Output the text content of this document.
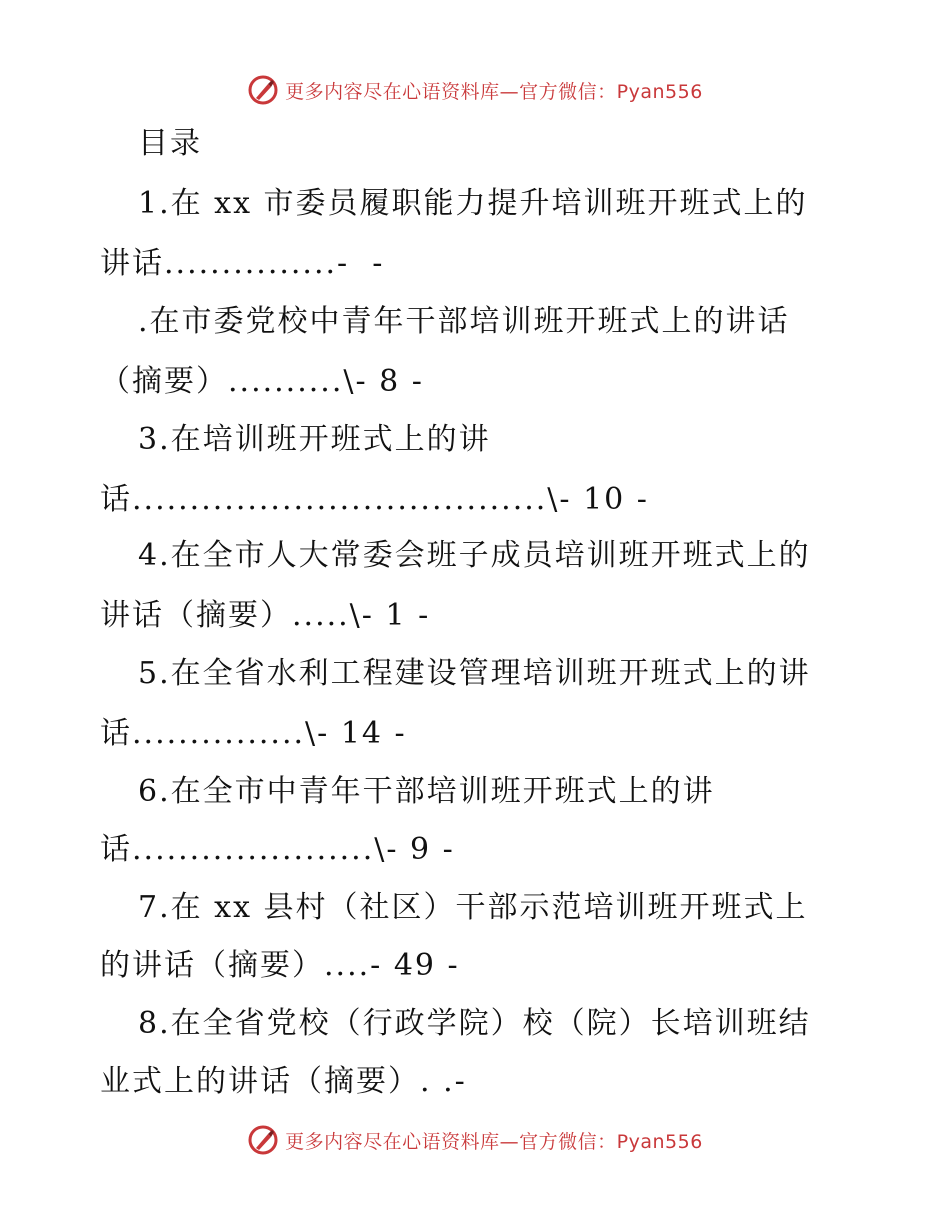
更多内容尽在心语资料库—官方微信：Pyan556
目录
1.在 xx 市委员履职能力提升培训班开班式上的
讲话...............-  -
.在市委党校中青年干部培训班开班式上的讲话
（摘要）..........\- 8 -
3.在培训班开班式上的讲
话....................................\- 10 -
4.在全市人大常委会班子成员培训班开班式上的
讲话（摘要）.....\- 1 -
5.在全省水利工程建设管理培训班开班式上的讲
话...............\- 14 -
6.在全市中青年干部培训班开班式上的讲
话.....................\- 9 -
7.在 xx 县村（社区）干部示范培训班开班式上
的讲话（摘要）....- 49 -
8.在全省党校（行政学院）校（院）长培训班结
业式上的讲话（摘要）. .-
更多内容尽在心语资料库—官方微信：Pyan556
